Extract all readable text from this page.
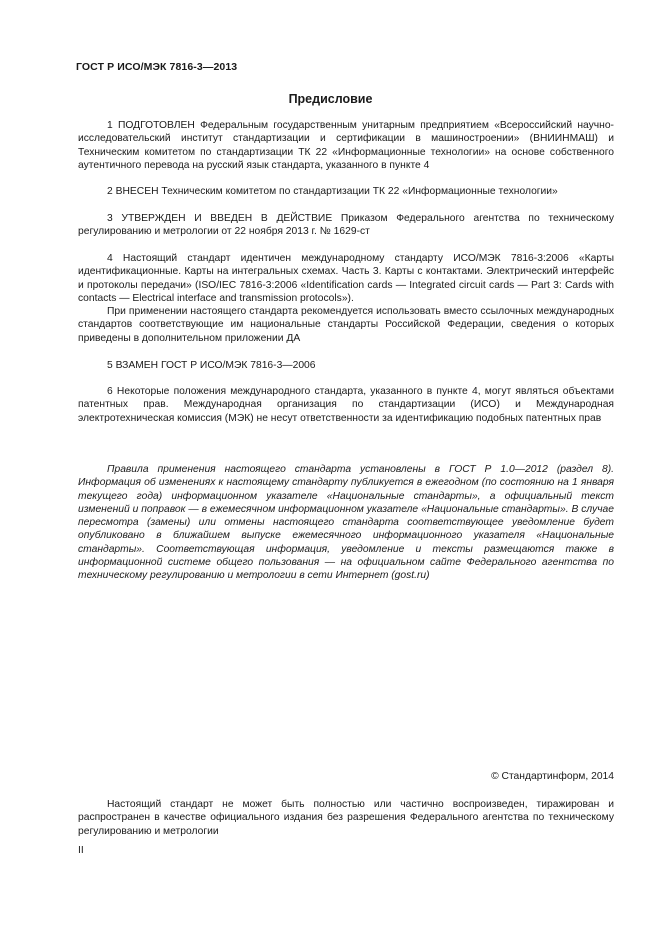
ГОСТ Р ИСО/МЭК 7816-3—2013
Предисловие

1 ПОДГОТОВЛЕН Федеральным государственным унитарным предприятием «Всероссийский научно-исследовательский институт стандартизации и сертификации в машиностроении» (ВНИИНМАШ) и Техническим комитетом по стандартизации ТК 22 «Информационные технологии» на основе собственного аутентичного перевода на русский язык стандарта, указанного в пункте 4

2 ВНЕСЕН Техническим комитетом по стандартизации ТК 22 «Информационные технологии»

3 УТВЕРЖДЕН И ВВЕДЕН В ДЕЙСТВИЕ Приказом Федерального агентства по техническому регулированию и метрологии от 22 ноября 2013 г. № 1629-ст

4 Настоящий стандарт идентичен международному стандарту ИСО/МЭК 7816-3:2006 «Карты идентификационные. Карты на интегральных схемах. Часть 3. Карты с контактами. Электрический интерфейс и протоколы передачи» (ISO/IEC 7816-3:2006 «Identification cards — Integrated circuit cards — Part 3: Cards with contacts — Electrical interface and transmission protocols»).

При применении настоящего стандарта рекомендуется использовать вместо ссылочных международных стандартов соответствующие им национальные стандарты Российской Федерации, сведения о которых приведены в дополнительном приложении ДА

5 ВЗАМЕН ГОСТ Р ИСО/МЭК 7816-3—2006

6 Некоторые положения международного стандарта, указанного в пункте 4, могут являться объектами патентных прав. Международная организация по стандартизации (ИСО) и Международная электротехническая комиссия (МЭК) не несут ответственности за идентификацию подобных патентных прав

Правила применения настоящего стандарта установлены в ГОСТ Р 1.0—2012 (раздел 8). Информация об изменениях к настоящему стандарту публикуется в ежегодном (по состоянию на 1 января текущего года) информационном указателе «Национальные стандарты», а официальный текст изменений и поправок — в ежемесячном информационном указателе «Национальные стандарты». В случае пересмотра (замены) или отмены настоящего стандарта соответствующее уведомление будет опубликовано в ближайшем выпуске ежемесячного информационного указателя «Национальные стандарты». Соответствующая информация, уведомление и тексты размещаются также в информационной системе общего пользования — на официальном сайте Федерального агентства по техническому регулированию и метрологии в сети Интернет (gost.ru)

© Стандартинформ, 2014

Настоящий стандарт не может быть полностью или частично воспроизведен, тиражирован и распространен в качестве официального издания без разрешения Федерального агентства по техническому регулированию и метрологии

II
